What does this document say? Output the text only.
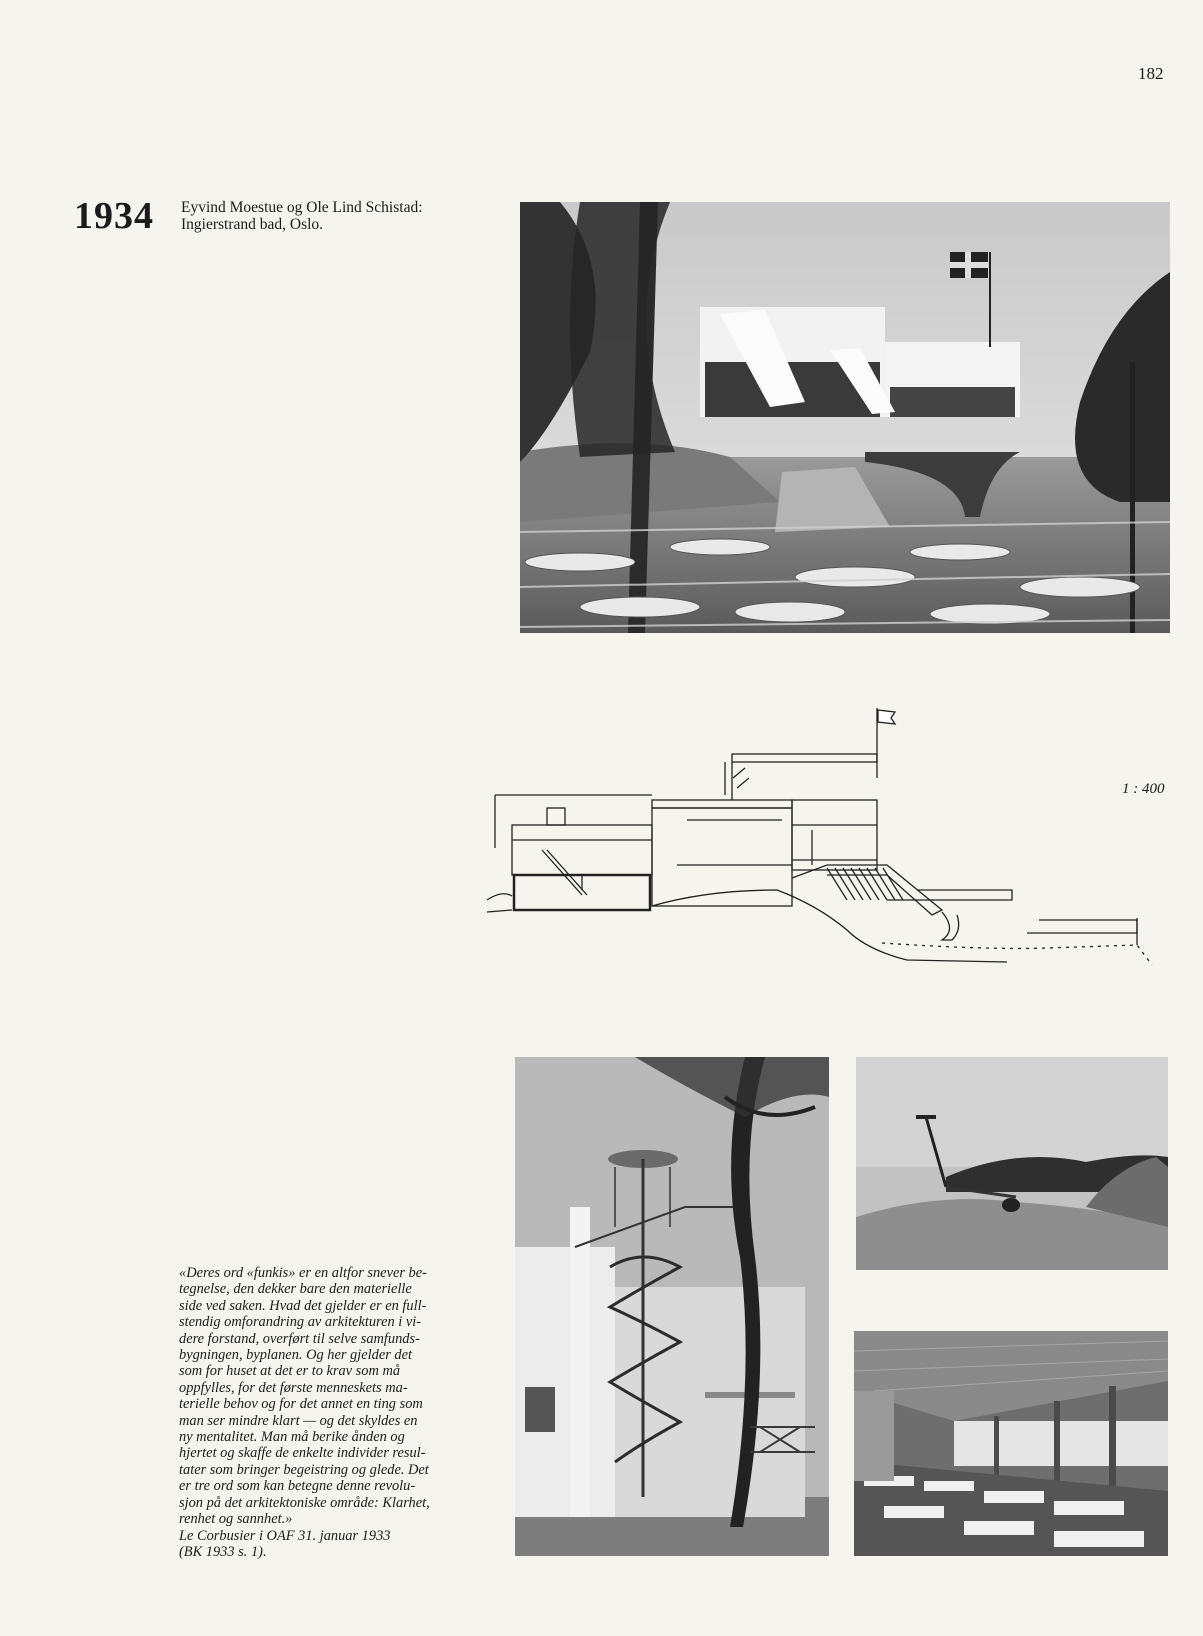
182
1934 Eyvind Moestue og Ole Lind Schistad:
Ingierstrand bad, Oslo.
1 : 400

«Deres ord «funkis» er en altfor snever be-

tegnelse, den dekker bare den materielle

side ved saken. Hvad det gjelder er en full-

stendig omforandring av arkitekturen i vi-

dere forstand, overført til selve samfunds-

bygningen, byplanen. Og her gjelder det

som for huset at det er to krav som må

oppfylles, for det første menneskets ma-

terielle behov og for det annet en ting som

man ser mindre klart — og det skyldes en

ny mentalitet. Man må berike ånden og

hjertet og skaffe de enkelte individer resul-

tater som bringer begeistring og glede. Det

er tre ord som kan betegne denne revolu-

sjon på det arkitektoniske område: Klarhet,

renhet og sannhet.»

Le Corbusier i OAF 31. januar 1933

(BK 1933 s. 1).
